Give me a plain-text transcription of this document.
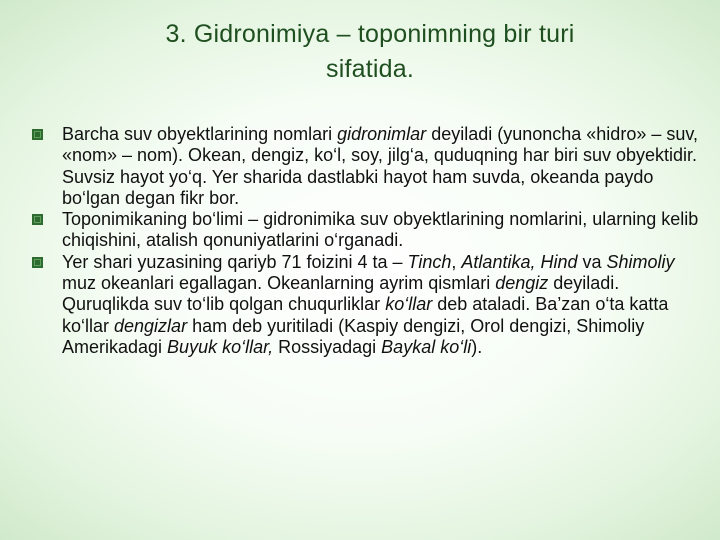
3. Gidronimiya – toponimning bir turi
sifatida.
Barcha suv obyektlarining nomlari gidronimlar deyiladi (yunoncha «hidro» – suv, «nom» – nom). Okean, dengiz, ko‘l, soy, jilg‘a, quduqning har biri suv obyektidir. Suvsiz hayot yo‘q. Yer sharida dastlabki hayot ham suvda, okeanda paydo bo‘lgan degan fikr bor.
Toponimikaning bo‘limi – gidronimika suv obyektlarining nomlarini, ularning kelib chiqishini, atalish qonuniyatlarini o‘rganadi.
Yer shari yuzasining qariyb 71 foizini 4 ta – Tinch, Atlantika, Hind va Shimoliy muz okeanlari egallagan. Okeanlarning ayrim qismlari dengiz deyiladi. Quruqlikda suv to‘lib qolgan chuqurliklar ko‘llar deb ataladi. Ba’zan o‘ta katta ko‘llar dengizlar ham deb yuritiladi (Kaspiy dengizi, Orol dengizi, Shimoliy Amerikadagi Buyuk ko‘llar, Rossiyadagi Baykal ko‘li).
